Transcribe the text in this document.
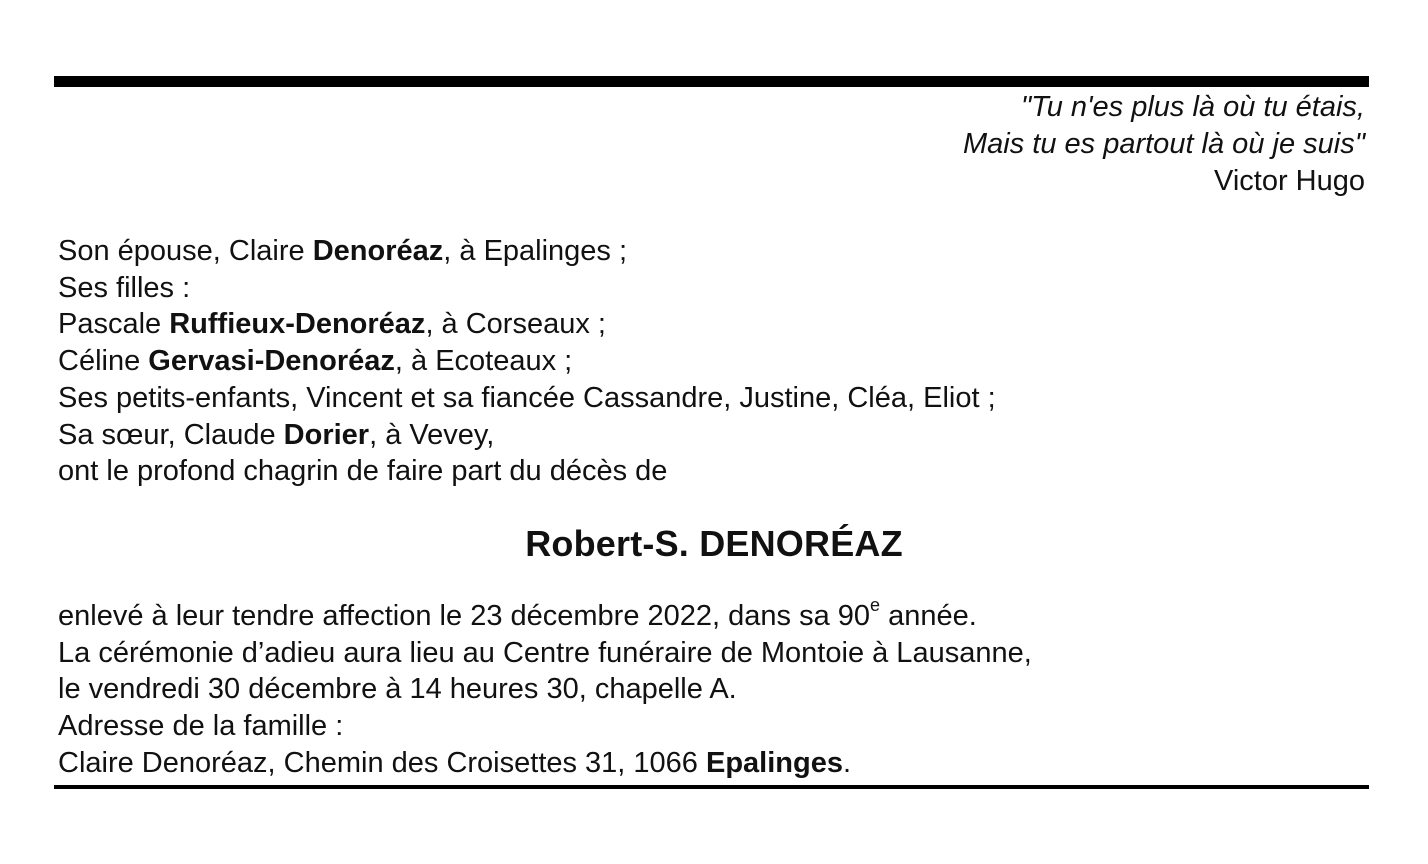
"Tu n'es plus là où tu étais,
Mais tu es partout là où je suis"
Victor Hugo
Son épouse, Claire Denoréaz, à Epalinges ;
Ses filles :
Pascale Ruffieux-Denoréaz, à Corseaux ;
Céline Gervasi-Denoréaz, à Ecoteaux ;
Ses petits-enfants, Vincent et sa fiancée Cassandre, Justine, Cléa, Eliot ;
Sa sœur, Claude Dorier, à Vevey,
ont le profond chagrin de faire part du décès de
Robert-S. DENORÉAZ
enlevé à leur tendre affection le 23 décembre 2022, dans sa 90e année.
La cérémonie d’adieu aura lieu au Centre funéraire de Montoie à Lausanne,
le vendredi 30 décembre à 14 heures 30, chapelle A.
Adresse de la famille :
Claire Denoréaz, Chemin des Croisettes 31, 1066 Epalinges.
